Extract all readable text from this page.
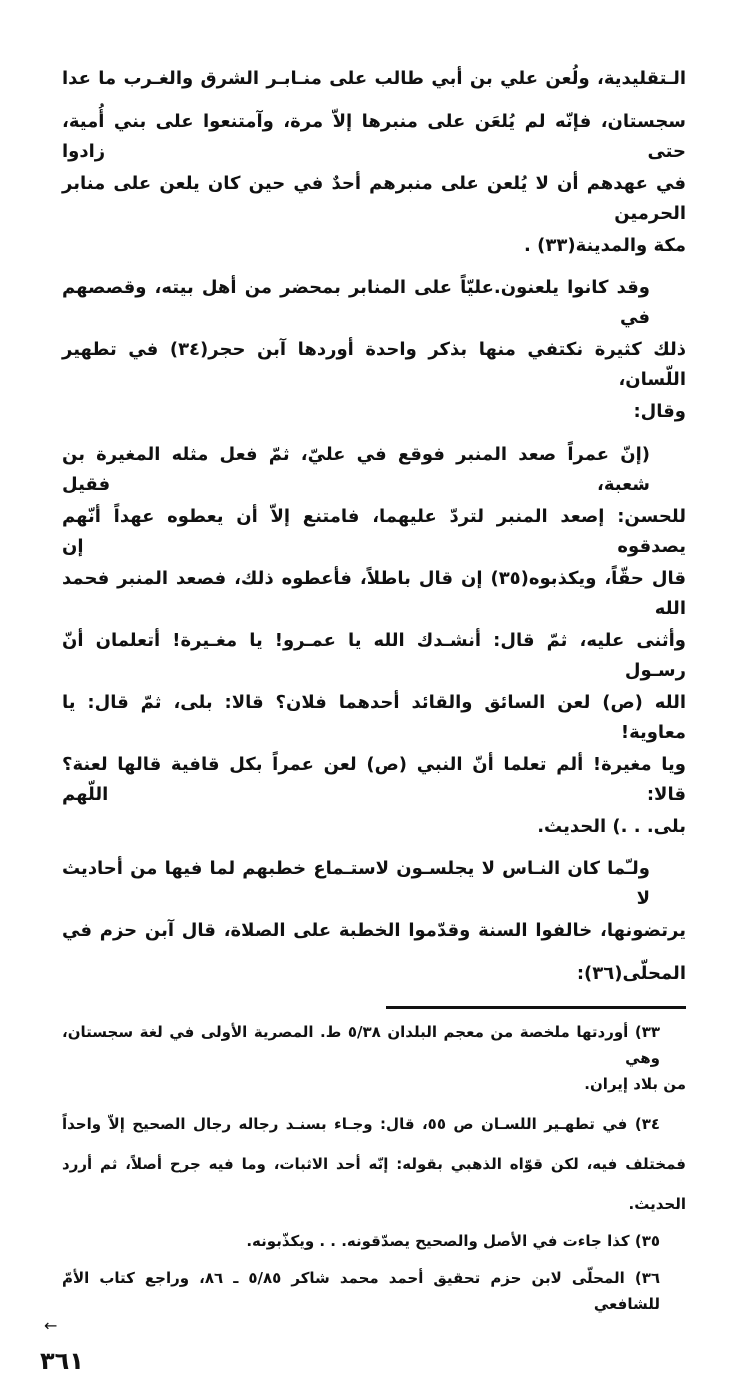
الـتقليدية، ولُعن علي بن أبي طالب على منـابـر الشرق والغـرب ما عدا
سجستان، فإنّه لم يُلعَن على منبرها إلاّ مرة، وآمتنعوا على بني أُمية، حتى زادوا
في عهدهم أن لا يُلعن على منبرهم أحدٌ في حين كان يلعن على منابر الحرمين
مكة والمدينة(٣٣) .
وقد كانوا يلعنون.عليّاً على المنابر بمحضر من أهل بيته، وقصصهم في
ذلك كثيرة نكتفي منها بذكر واحدة أوردها آبن حجر(٣٤) في تطهير اللّسان،
وقال:
(إنّ عمراً صعد المنبر فوقع في عليّ، ثمّ فعل مثله المغيرة بن شعبة، فقيل
للحسن: إصعد المنبر لتردّ عليهما، فامتنع إلاّ أن يعطوه عهداً أنّهم يصدقوه إن
قال حقّاً، ويكذبوه(٣٥) إن قال باطلاً، فأعطوه ذلك، فصعد المنبر فحمد الله
وأثنى عليه، ثمّ قال: أنشـدك الله يا عمـرو! يا مغـيرة! أتعلمان أنّ رسـول
الله (ص) لعن السائق والقائد أحدهما فلان؟ قالا: بلى، ثمّ قال: يا معاوية!
ويا مغيرة! ألم تعلما أنّ النبي (ص) لعن عمراً بكل قافية قالها لعنة؟ قالا: اللّهم
بلى. . .) الحديث.
ولـّما كان النـاس لا يجلسـون لاستـماع خطبهم لما فيها من أحاديث لا
يرتضونها، خالفوا السنة وقدّموا الخطبة على الصلاة، قال آبن حزم في
المحلّى(٣٦):
٣٣) أوردتها ملخصة من معجم البلدان ٥/٣٨ ط. المصرية الأولى في لغة سجستان، وهي
من بلاد إيران.
٣٤) في تطهـير اللسـان ص ٥٥، قال: وجـاء بسنـد رجاله رجال الصحيح إلاّ واحداً
فمختلف فيه، لكن قوّاه الذهبي بقوله: إنّه أحد الاثبات، وما فيه جرح أصلاً، ثم أررد
الحديث.
٣٥) كذا جاءت في الأصل والصحيح يصدّقونه. . . ويكذّبونه.
٣٦) المحلّى لابن حزم تحقيق أحمد محمد شاكر ٥/٨٥ ـ ٨٦، وراجع كتاب الأمّ للشافعي
←
٣٦١
